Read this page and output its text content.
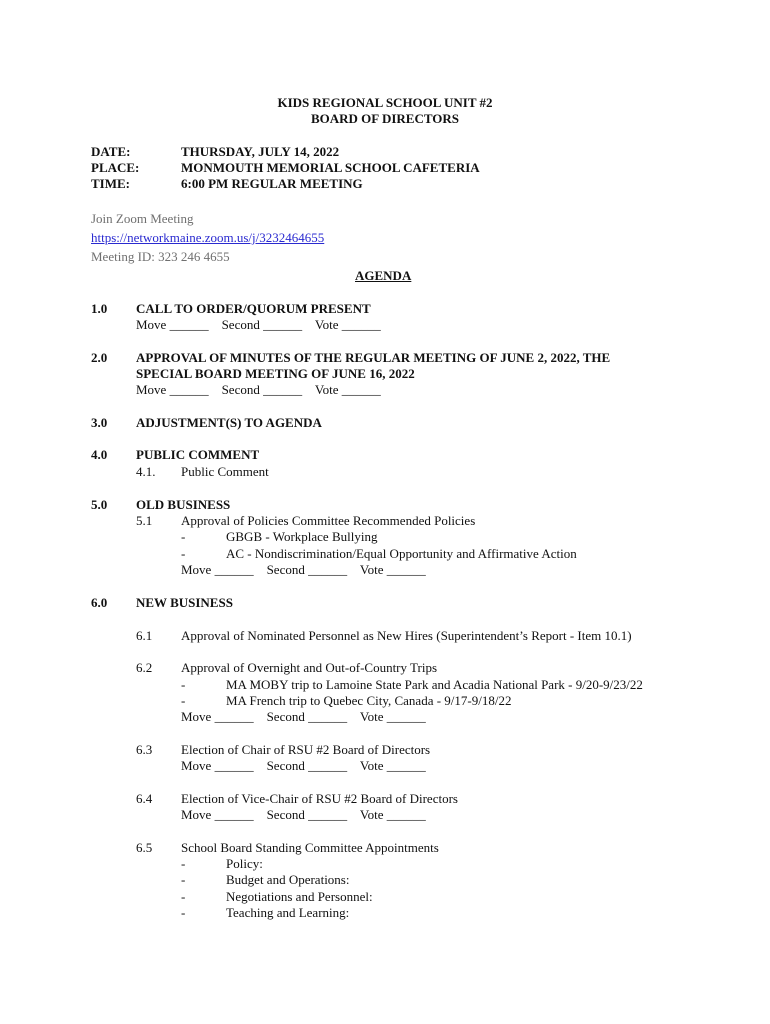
KIDS REGIONAL SCHOOL UNIT #2
BOARD OF DIRECTORS
DATE:	THURSDAY, JULY 14, 2022
PLACE:	MONMOUTH MEMORIAL SCHOOL CAFETERIA
TIME:	6:00 PM REGULAR MEETING
Join Zoom Meeting
https://networkmaine.zoom.us/j/3232464655
Meeting ID: 323 246 4655
AGENDA
1.0 CALL TO ORDER/QUORUM PRESENT
Move ______    Second ______    Vote ______
2.0 APPROVAL OF MINUTES OF THE REGULAR MEETING OF JUNE 2, 2022, THE
SPECIAL BOARD MEETING OF JUNE 16, 2022
Move ______    Second ______    Vote ______
3.0 ADJUSTMENT(S) TO AGENDA
4.0 PUBLIC COMMENT
4.1. Public Comment
5.0 OLD BUSINESS
5.1 Approval of Policies Committee Recommended Policies
-	GBGB - Workplace Bullying
-	AC - Nondiscrimination/Equal Opportunity and Affirmative Action
Move ______    Second ______    Vote ______
6.0 NEW BUSINESS
6.1 Approval of Nominated Personnel as New Hires (Superintendent’s Report - Item 10.1)
6.2 Approval of Overnight and Out-of-Country Trips
-	MA MOBY trip to Lamoine State Park and Acadia National Park - 9/20-9/23/22
-	MA French trip to Quebec City, Canada - 9/17-9/18/22
Move ______    Second ______    Vote ______
6.3 Election of Chair of RSU #2 Board of Directors
Move ______    Second ______    Vote ______
6.4 Election of Vice-Chair of RSU #2 Board of Directors
Move ______    Second ______    Vote ______
6.5 School Board Standing Committee Appointments
-	Policy:
-	Budget and Operations:
-	Negotiations and Personnel:
-	Teaching and Learning:
